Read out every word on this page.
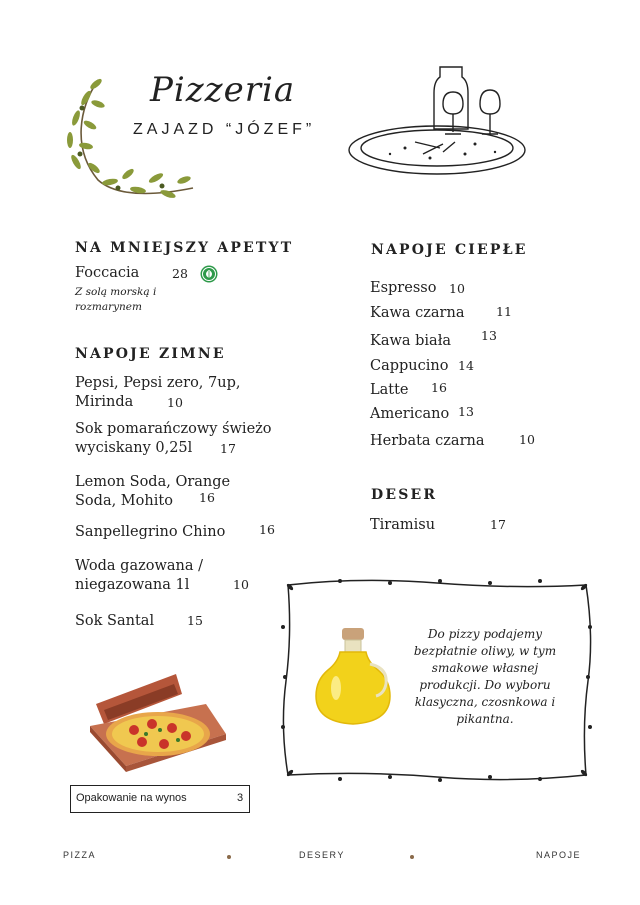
Pizzeria
ZAJAZD “JÓZEF”
NA MNIEJSZY APETYT
Foccacia	28
Z solą morską i
rozmarynem
NAPOJE ZIMNE
Pepsi, Pepsi zero, 7up,
Mirinda	10
Sok pomarańczowy świeżo
wyciskany 0,25l 17
Lemon Soda, Orange
Soda, Mohito 16
Sanpellegrino Chino	16
Woda gazowana /
niegazowana 1l	10
Sok Santal	15
NAPOJE CIEPŁE
Espresso 10
Kawa czarna	11
Kawa biała 13
Cappucino 14
Latte 16
Americano 13
Herbata czarna	10
DESER
Tiramisu	17
Do pizzy podajemy
bezpłatnie oliwy, w tym
smakowe własnej
produkcji. Do wyboru
klasyczna, czosnkowa i
pikantna.
Opakowanie na wynos	3
PIZZA	DESERY	NAPOJE
